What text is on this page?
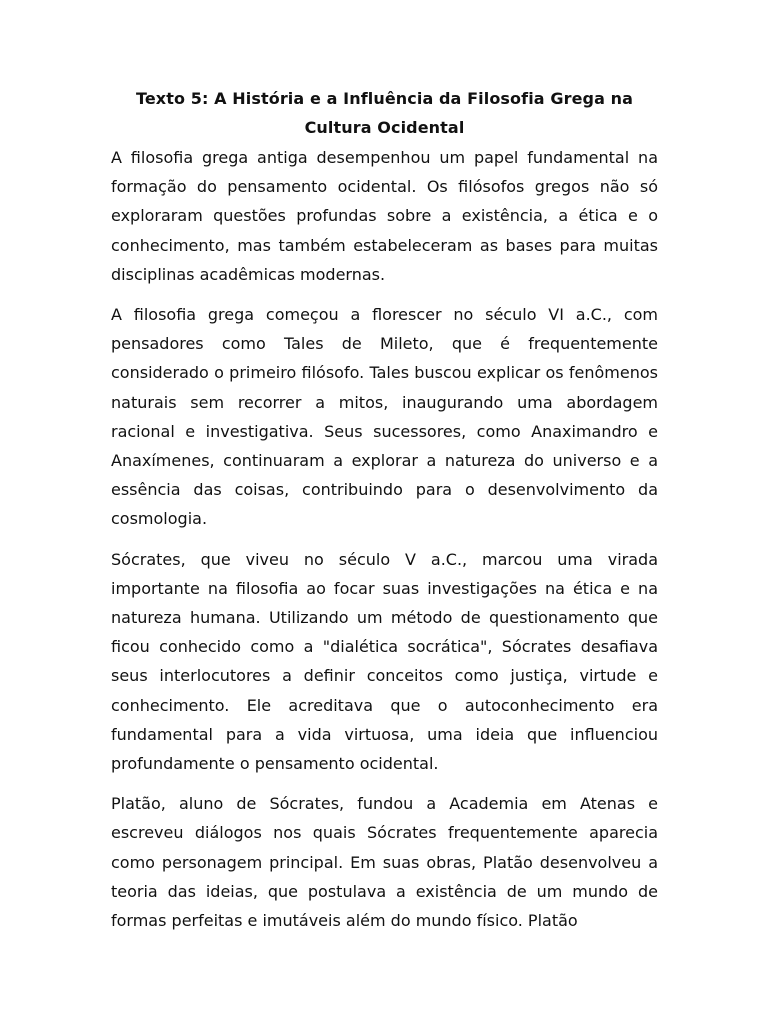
Texto 5: A História e a Influência da Filosofia Grega na Cultura Ocidental

A filosofia grega antiga desempenhou um papel fundamental na formação do pensamento ocidental. Os filósofos gregos não só exploraram questões profundas sobre a existência, a ética e o conhecimento, mas também estabeleceram as bases para muitas disciplinas acadêmicas modernas.

A filosofia grega começou a florescer no século VI a.C., com pensadores como Tales de Mileto, que é frequentemente considerado o primeiro filósofo. Tales buscou explicar os fenômenos naturais sem recorrer a mitos, inaugurando uma abordagem racional e investigativa. Seus sucessores, como Anaximandro e Anaxímenes, continuaram a explorar a natureza do universo e a essência das coisas, contribuindo para o desenvolvimento da cosmologia.

Sócrates, que viveu no século V a.C., marcou uma virada importante na filosofia ao focar suas investigações na ética e na natureza humana. Utilizando um método de questionamento que ficou conhecido como a "dialética socrática", Sócrates desafiava seus interlocutores a definir conceitos como justiça, virtude e conhecimento. Ele acreditava que o autoconhecimento era fundamental para a vida virtuosa, uma ideia que influenciou profundamente o pensamento ocidental.

Platão, aluno de Sócrates, fundou a Academia em Atenas e escreveu diálogos nos quais Sócrates frequentemente aparecia como personagem principal. Em suas obras, Platão desenvolveu a teoria das ideias, que postulava a existência de um mundo de formas perfeitas e imutáveis além do mundo físico. Platão
